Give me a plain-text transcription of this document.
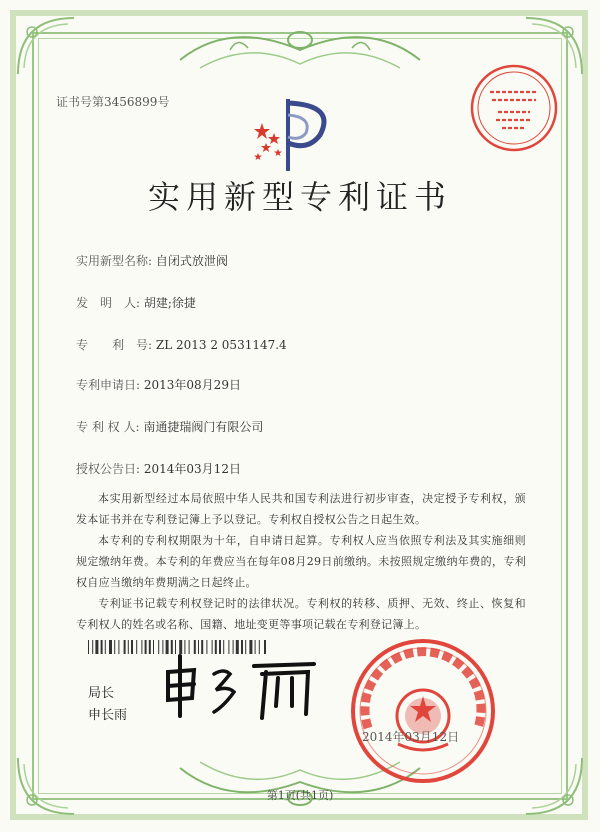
证书号第3456899号
实用新型专利证书
实用新型名称: 自闭式放泄阀
发　明　人: 胡建;徐捷
专　　利　号: ZL 2013 2 0531147.4
专利申请日: 2013年08月29日
专 利 权 人: 南通捷瑞阀门有限公司
授权公告日: 2014年03月12日

本实用新型经过本局依照中华人民共和国专利法进行初步审查，决定授予专利权，颁发本证书并在专利登记簿上予以登记。专利权自授权公告之日起生效。

本专利的专利权期限为十年，自申请日起算。专利权人应当依照专利法及其实施细则规定缴纳年费。本专利的年费应当在每年08月29日前缴纳。未按照规定缴纳年费的，专利权自应当缴纳年费期满之日起终止。

专利证书记载专利权登记时的法律状况。专利权的转移、质押、无效、终止、恢复和专利权人的姓名或名称、国籍、地址变更等事项记载在专利登记簿上。

局长
申长雨
2014年03月12日
第1页(共1页)
